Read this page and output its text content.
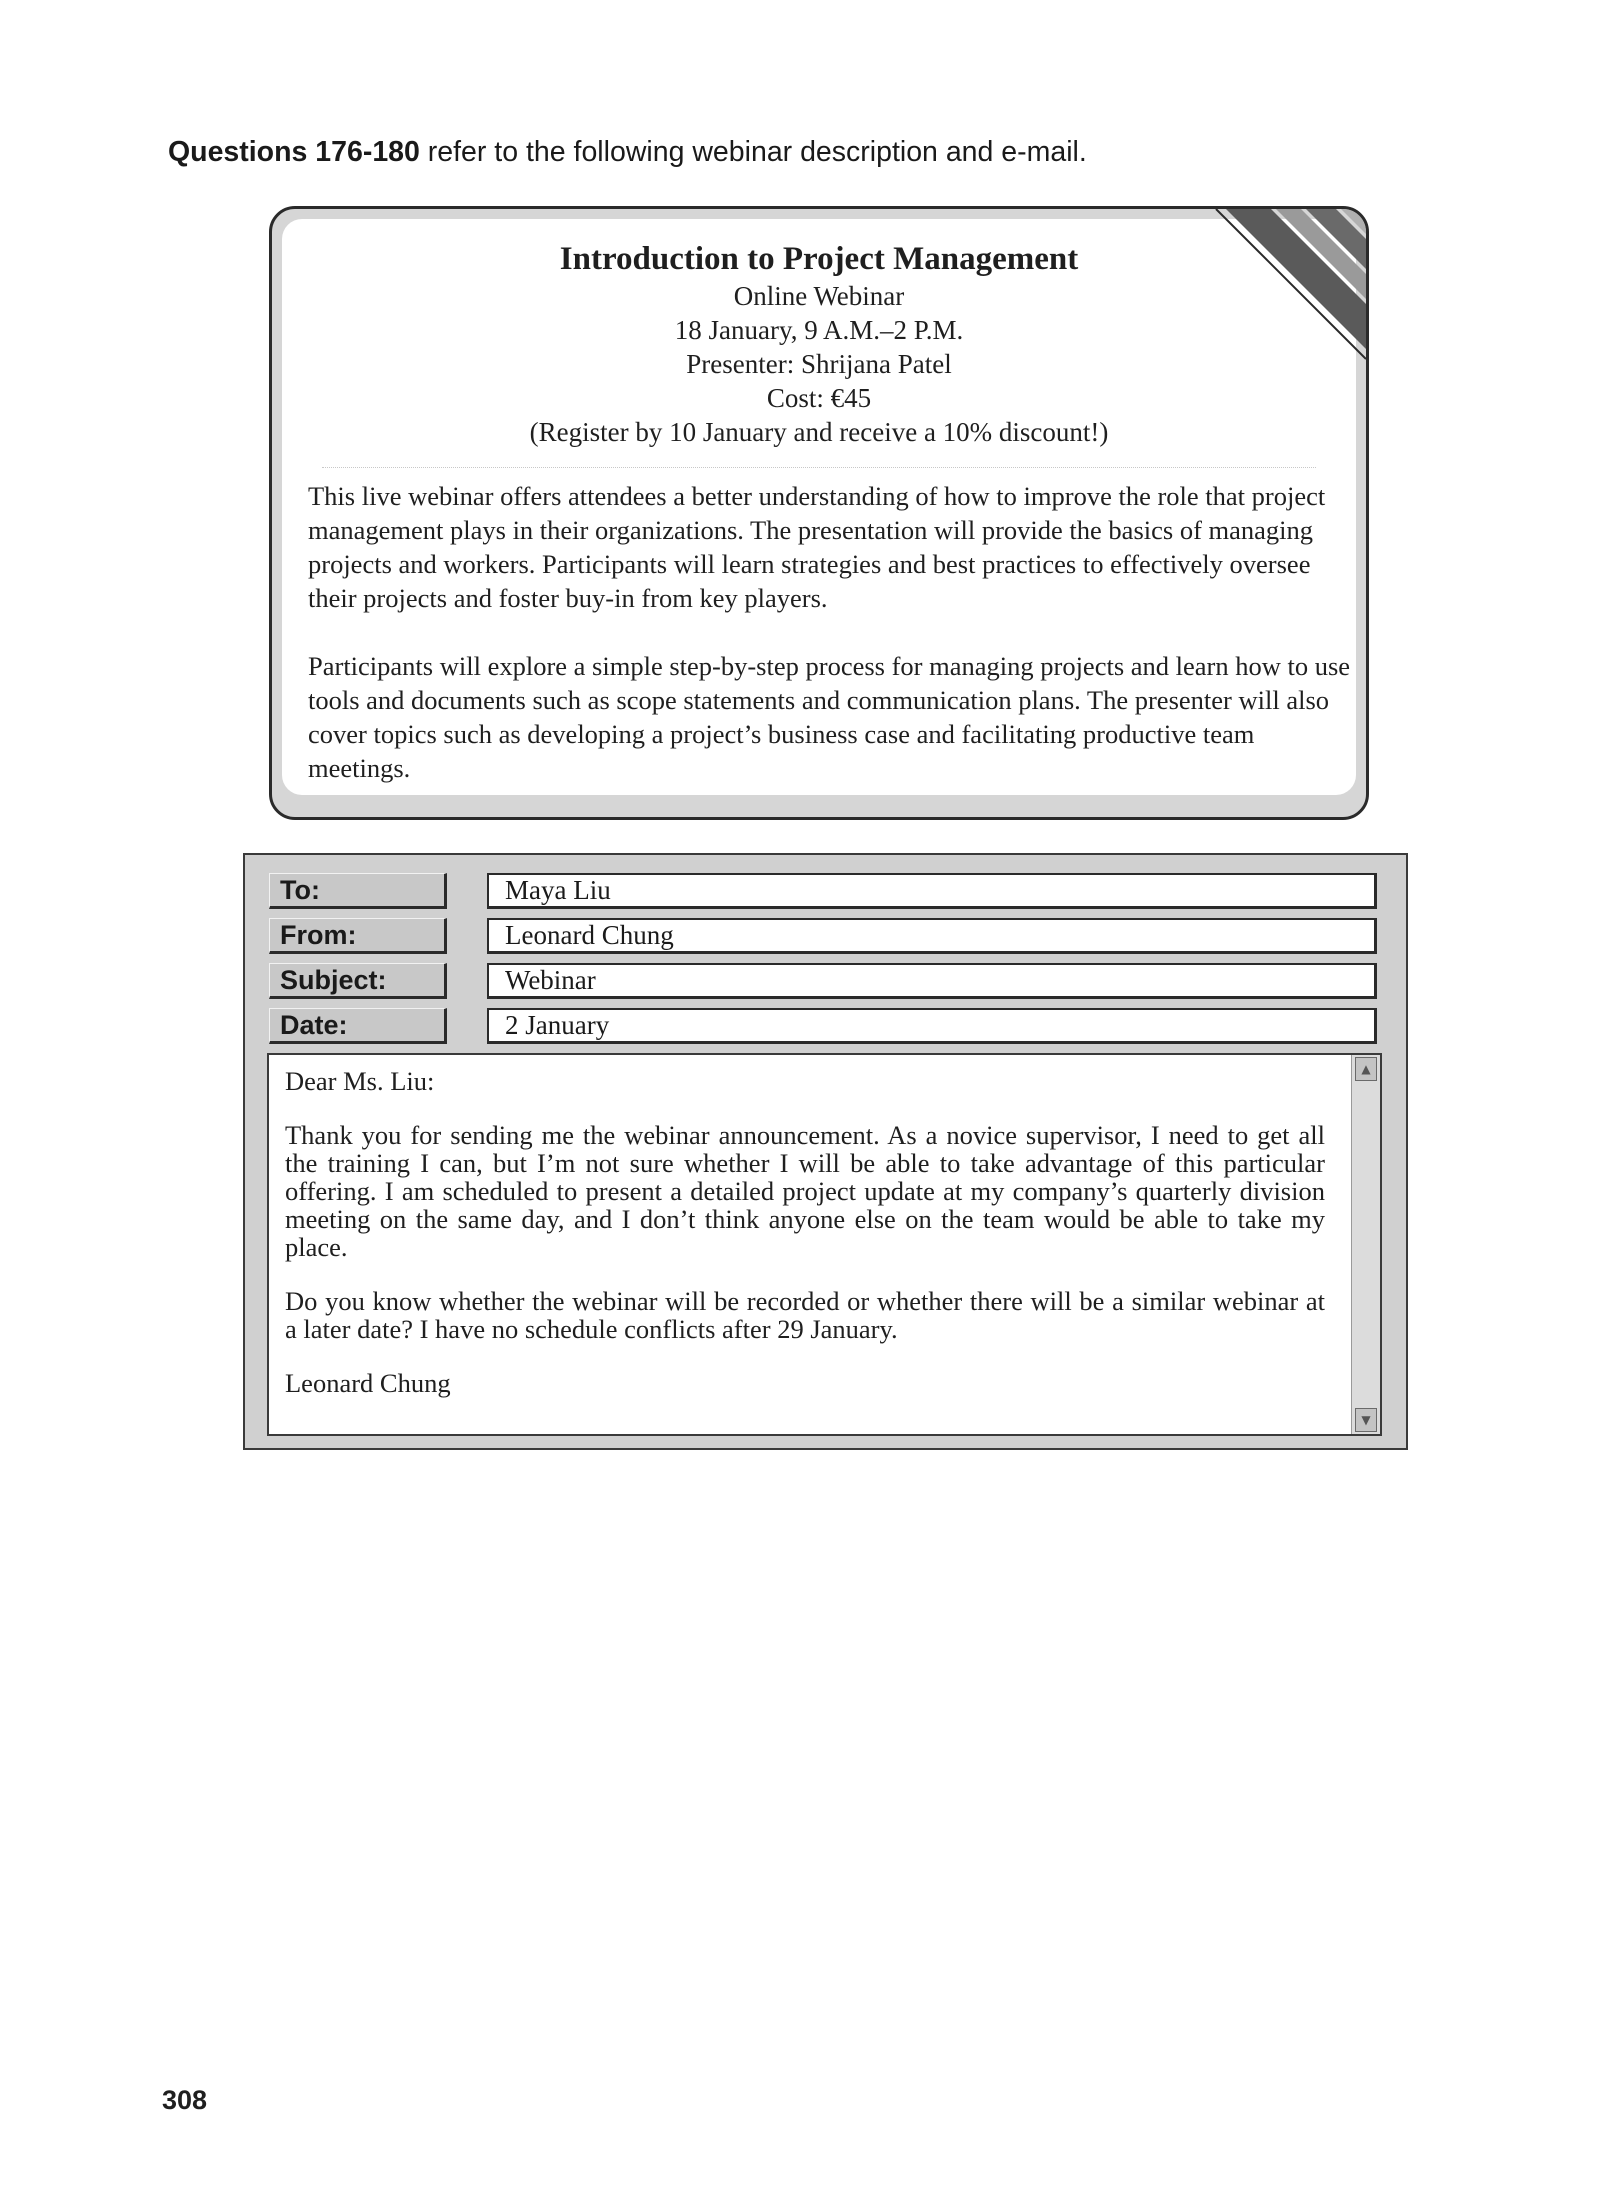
Questions 176-180 refer to the following webinar description and e-mail.
Introduction to Project Management
Online Webinar
18 January, 9 A.M.–2 P.M.
Presenter: Shrijana Patel
Cost: €45
(Register by 10 January and receive a 10% discount!)

This live webinar offers attendees a better understanding of how to improve the role that project management plays in their organizations. The presentation will provide the basics of managing projects and workers. Participants will learn strategies and best practices to effectively oversee their projects and foster buy-in from key players.

Participants will explore a simple step-by-step process for managing projects and learn how to use tools and documents such as scope statements and communication plans. The presenter will also cover topics such as developing a project’s business case and facilitating productive team meetings.

To:	Maya Liu
From:	Leonard Chung
Subject:	Webinar
Date:	2 January

Dear Ms. Liu:

Thank you for sending me the webinar announcement. As a novice supervisor, I need to get all the training I can, but I’m not sure whether I will be able to take advantage of this particular offering. I am scheduled to present a detailed project update at my company’s quarterly division meeting on the same day, and I don’t think anyone else on the team would be able to take my place.

Do you know whether the webinar will be recorded or whether there will be a similar webinar at a later date? I have no schedule conflicts after 29 January.

Leonard Chung

▲
▼
308
